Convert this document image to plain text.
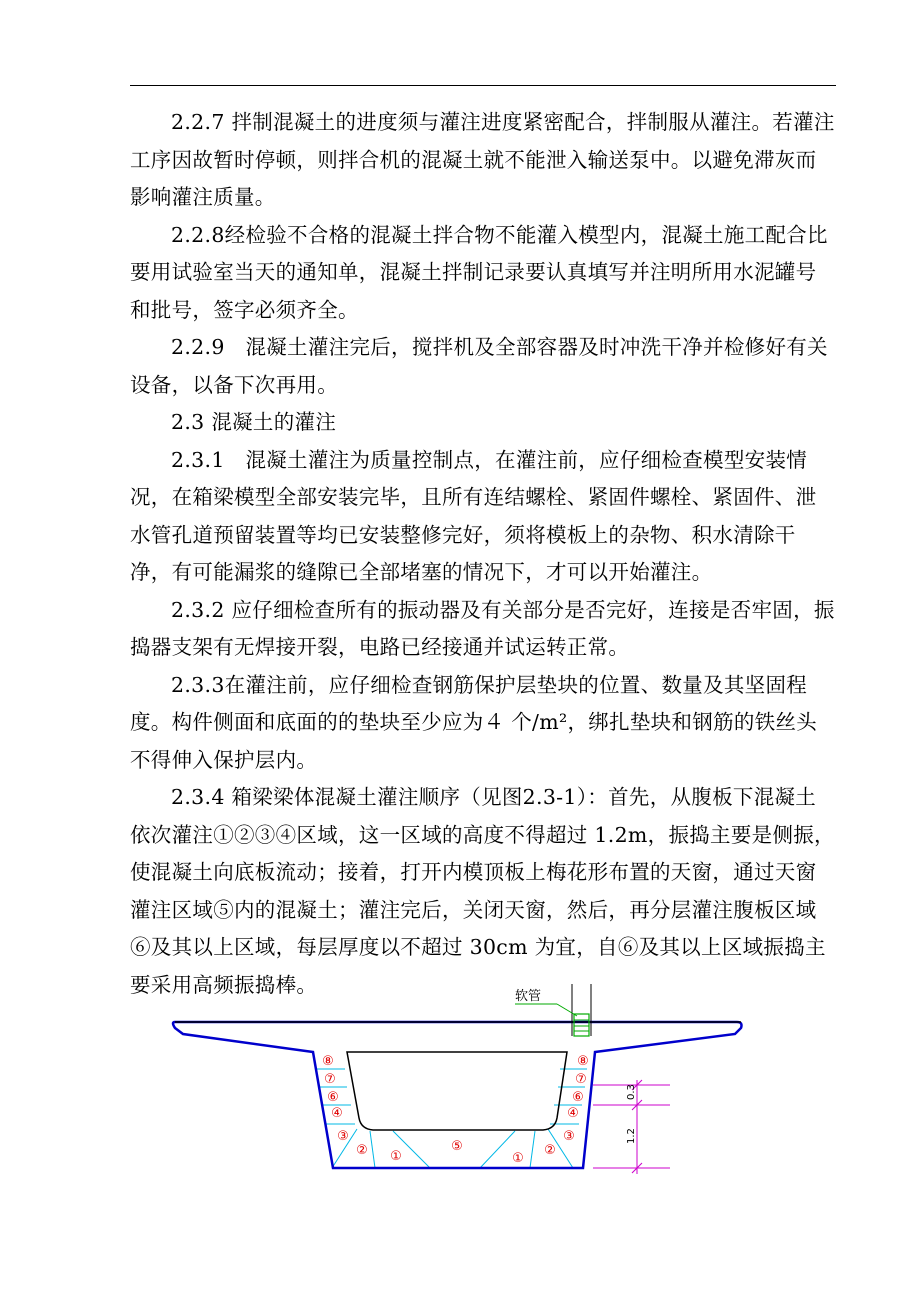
2.2.7 拌制混凝土的进度须与灌注进度紧密配合，拌制服从灌注。若灌注工序因故暂时停顿，则拌合机的混凝土就不能泄入输送泵中。以避免滞灰而影响灌注质量。

2.2.8经检验不合格的混凝土拌合物不能灌入模型内，混凝土施工配合比要用试验室当天的通知单，混凝土拌制记录要认真填写并注明所用水泥罐号和批号，签字必须齐全。

2.2.9　混凝土灌注完后，搅拌机及全部容器及时冲洗干净并检修好有关设备，以备下次再用。

2.3 混凝土的灌注

2.3.1　混凝土灌注为质量控制点，在灌注前，应仔细检查模型安装情况，在箱梁模型全部安装完毕，且所有连结螺栓、紧固件螺栓、紧固件、泄水管孔道预留装置等均已安装整修完好，须将模板上的杂物、积水清除干净，有可能漏浆的缝隙已全部堵塞的情况下，才可以开始灌注。

2.3.2 应仔细检查所有的振动器及有关部分是否完好，连接是否牢固，振捣器支架有无焊接开裂，电路已经接通并试运转正常。

2.3.3在灌注前，应仔细检查钢筋保护层垫块的位置、数量及其坚固程度。构件侧面和底面的的垫块至少应为４ 个/m²，绑扎垫块和钢筋的铁丝头不得伸入保护层内。

2.3.4 箱梁梁体混凝土灌注顺序（见图2.3-1）：首先，从腹板下混凝土依次灌注①②③④区域，这一区域的高度不得超过 1.2m，振捣主要是侧振，使混凝土向底板流动；接着，打开内模顶板上梅花形布置的天窗，通过天窗灌注区域⑤内的混凝土；灌注完后，关闭天窗，然后，再分层灌注腹板区域⑥及其以上区域，每层厚度以不超过 30cm 为宜，自⑥及其以上区域振捣主要采用高频振捣棒。	软管
0.3
1.2
⑧
⑦
⑥
④
③
② ①
⑤
①
②
③
④
⑥
⑦
⑧
